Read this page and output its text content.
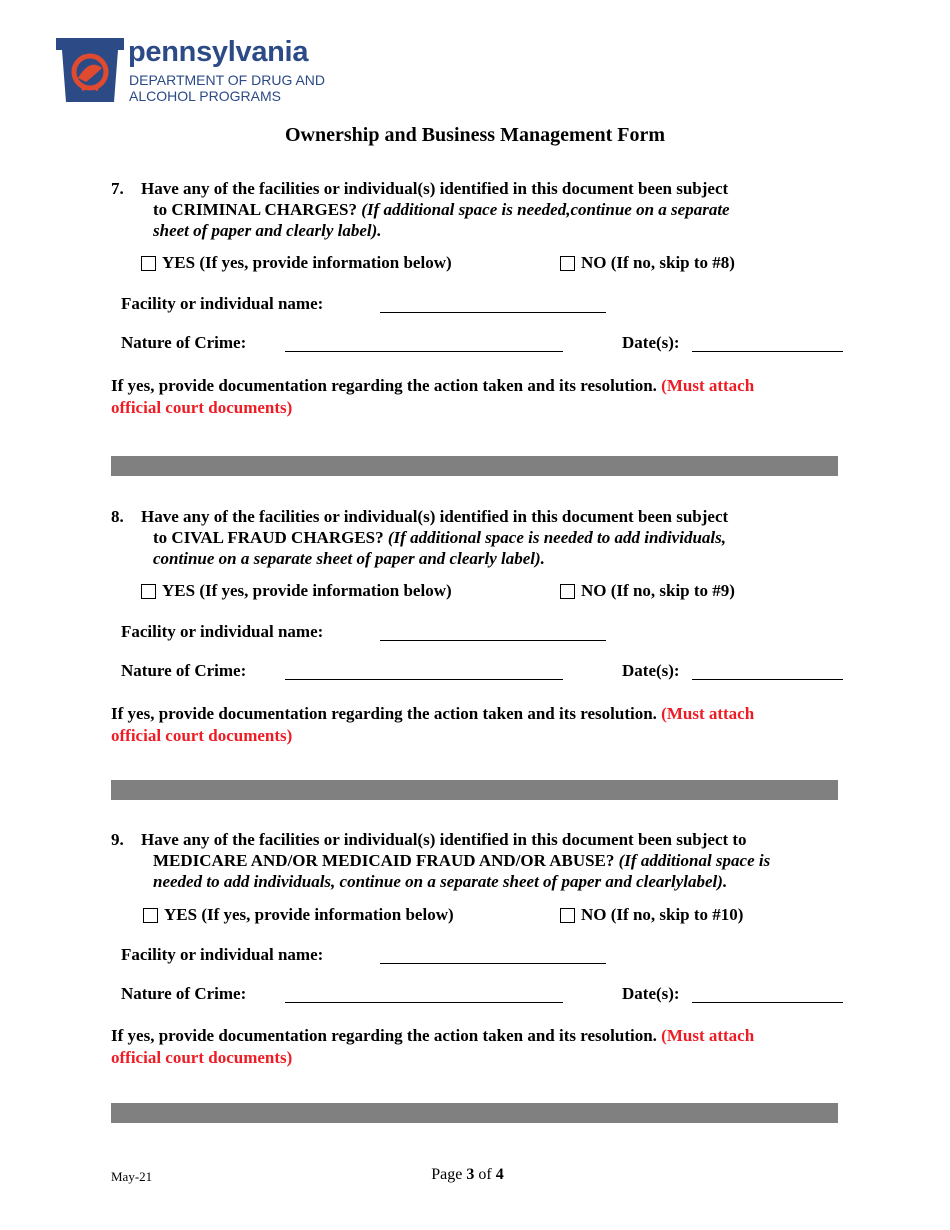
pennsylvania
DEPARTMENT OF DRUG AND
ALCOHOL PROGRAMS
Ownership and Business Management Form
7. Have any of the facilities or individual(s) identified in this document been subject
to CRIMINAL CHARGES? (If additional space is needed,continue on a separate
sheet of paper and clearly label).
YES (If yes, provide information below)	NO (If no, skip to #8)
Facility or individual name:
Nature of Crime:	Date(s):
If yes, provide documentation regarding the action taken and its resolution. (Must attach
official court documents)
8. Have any of the facilities or individual(s) identified in this document been subject
to CIVAL FRAUD CHARGES? (If additional space is needed to add individuals,
continue on a separate sheet of paper and clearly label).
YES (If yes, provide information below)	NO (If no, skip to #9)
Facility or individual name:
Nature of Crime:	Date(s):
If yes, provide documentation regarding the action taken and its resolution. (Must attach
official court documents)
9. Have any of the facilities or individual(s) identified in this document been subject to
MEDICARE AND/OR MEDICAID FRAUD AND/OR ABUSE? (If additional space is
needed to add individuals, continue on a separate sheet of paper and clearlylabel).
YES (If yes, provide information below)	NO (If no, skip to #10)
Facility or individual name:
Nature of Crime:	Date(s):
If yes, provide documentation regarding the action taken and its resolution. (Must attach
official court documents)
May-21	Page 3 of 4
